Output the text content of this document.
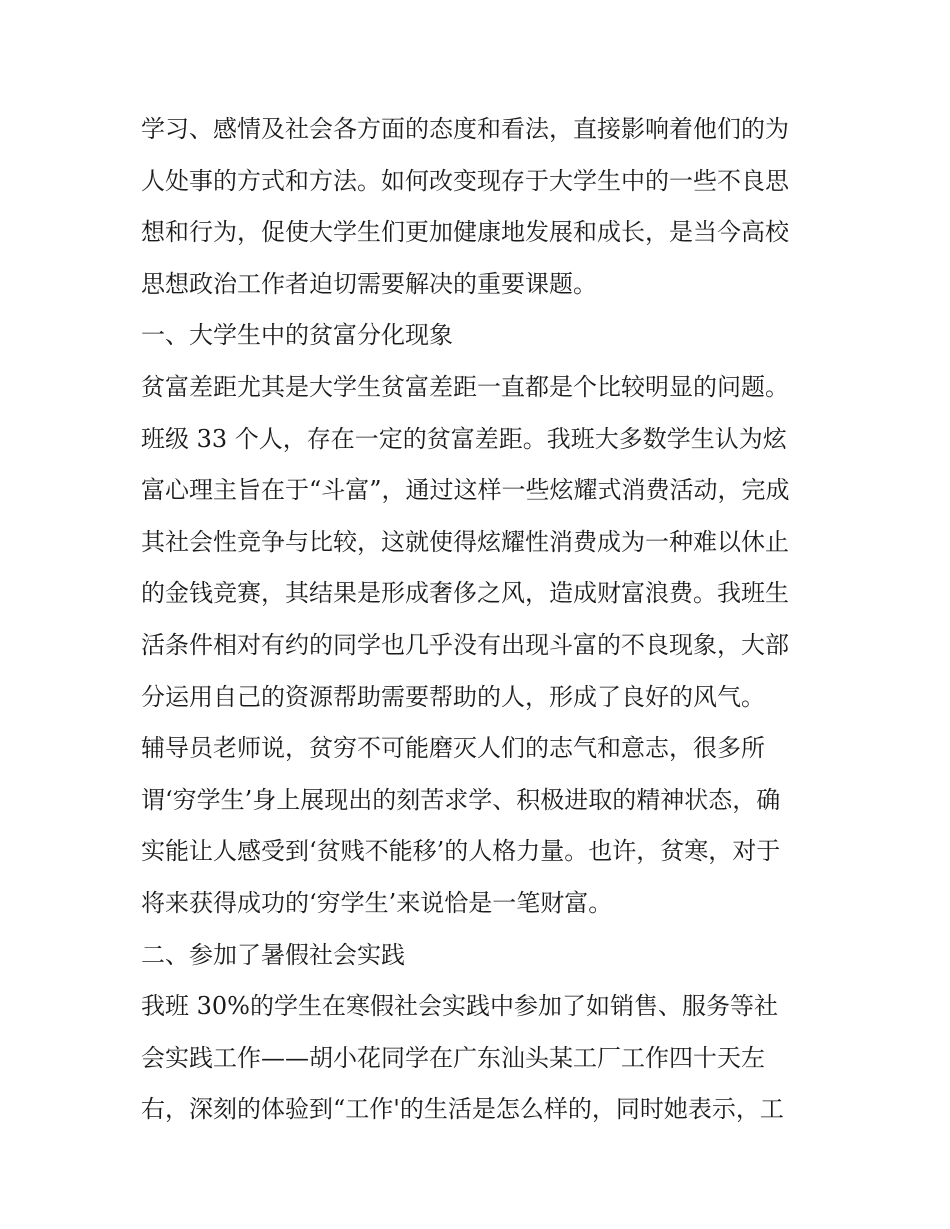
学习、感情及社会各方面的态度和看法，直接影响着他们的为
人处事的方式和方法。如何改变现存于大学生中的一些不良思
想和行为，促使大学生们更加健康地发展和成长，是当今高校
思想政治工作者迫切需要解决的重要课题。
一、大学生中的贫富分化现象
贫富差距尤其是大学生贫富差距一直都是个比较明显的问题。
班级 33 个人，存在一定的贫富差距。我班大多数学生认为炫
富心理主旨在于“斗富”，通过这样一些炫耀式消费活动，完成
其社会性竞争与比较，这就使得炫耀性消费成为一种难以休止
的金钱竞赛，其结果是形成奢侈之风，造成财富浪费。我班生
活条件相对有约的同学也几乎没有出现斗富的不良现象，大部
分运用自己的资源帮助需要帮助的人，形成了良好的风气。
辅导员老师说，贫穷不可能磨灭人们的志气和意志，很多所
谓‘穷学生’身上展现出的刻苦求学、积极进取的精神状态，确
实能让人感受到‘贫贱不能移’的人格力量。也许，贫寒，对于
将来获得成功的‘穷学生’来说恰是一笔财富。
二、参加了暑假社会实践
我班 30%的学生在寒假社会实践中参加了如销售、服务等社
会实践工作——胡小花同学在广东汕头某工厂工作四十天左
右，深刻的体验到“工作'的生活是怎么样的，同时她表示，工
